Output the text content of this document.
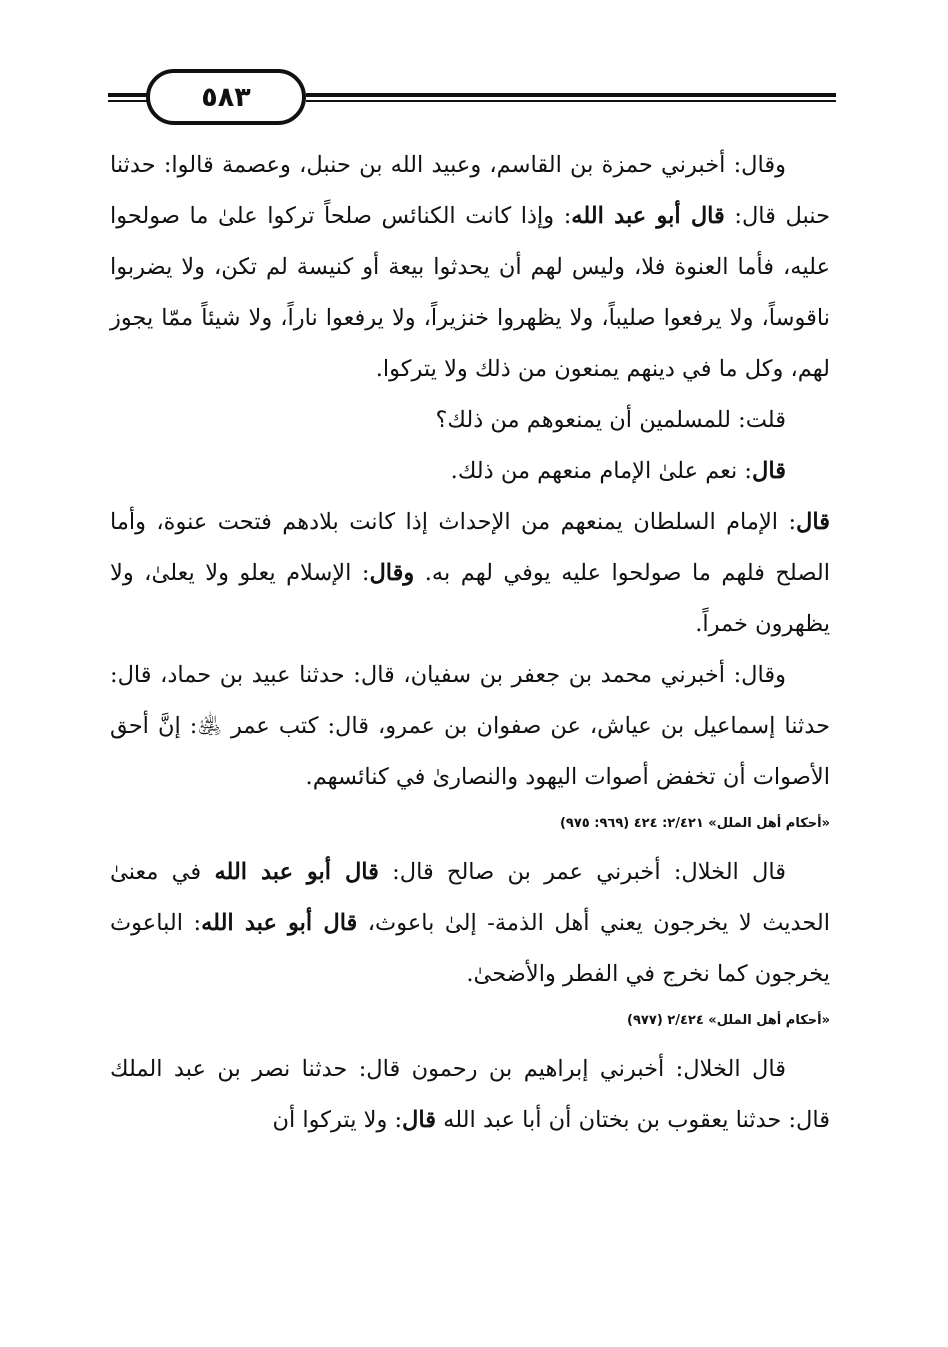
٥٨٣

وقال: أخبرني حمزة بن القاسم، وعبيد الله بن حنبل، وعصمة قالوا: حدثنا حنبل قال: قال أبو عبد الله: وإذا كانت الكنائس صلحاً تركوا علىٰ ما صولحوا عليه، فأما العنوة فلا، وليس لهم أن يحدثوا بيعة أو كنيسة لم تكن، ولا يضربوا ناقوساً، ولا يرفعوا صليباً، ولا يظهروا خنزيراً، ولا يرفعوا ناراً، ولا شيئاً ممّا يجوز لهم، وكل ما في دينهم يمنعون من ذلك ولا يتركوا.

قلت: للمسلمين أن يمنعوهم من ذلك؟

قال: نعم علىٰ الإمام منعهم من ذلك.

قال: الإمام السلطان يمنعهم من الإحداث إذا كانت بلادهم فتحت عنوة، وأما الصلح فلهم ما صولحوا عليه يوفي لهم به. وقال: الإسلام يعلو ولا يعلىٰ، ولا يظهرون خمراً.

وقال: أخبرني محمد بن جعفر بن سفيان، قال: حدثنا عبيد بن حماد، قال: حدثنا إسماعيل بن عياش، عن صفوان بن عمرو، قال: كتب عمر ﵁: إنَّ أحق الأصوات أن تخفض أصوات اليهود والنصارىٰ في كنائسهم.

«أحكام أهل الملل» ٢/٤٢١: ٤٢٤ (٩٦٩: ٩٧٥)

قال الخلال: أخبرني عمر بن صالح قال: قال أبو عبد الله في معنىٰ الحديث لا يخرجون يعني أهل الذمة- إلىٰ باعوث، قال أبو عبد الله: الباعوث يخرجون كما نخرج في الفطر والأضحىٰ.

«أحكام أهل الملل» ٢/٤٢٤ (٩٧٧)

قال الخلال: أخبرني إبراهيم بن رحمون قال: حدثنا نصر بن عبد الملك قال: حدثنا يعقوب بن بختان أن أبا عبد الله قال: ولا يتركوا أن
